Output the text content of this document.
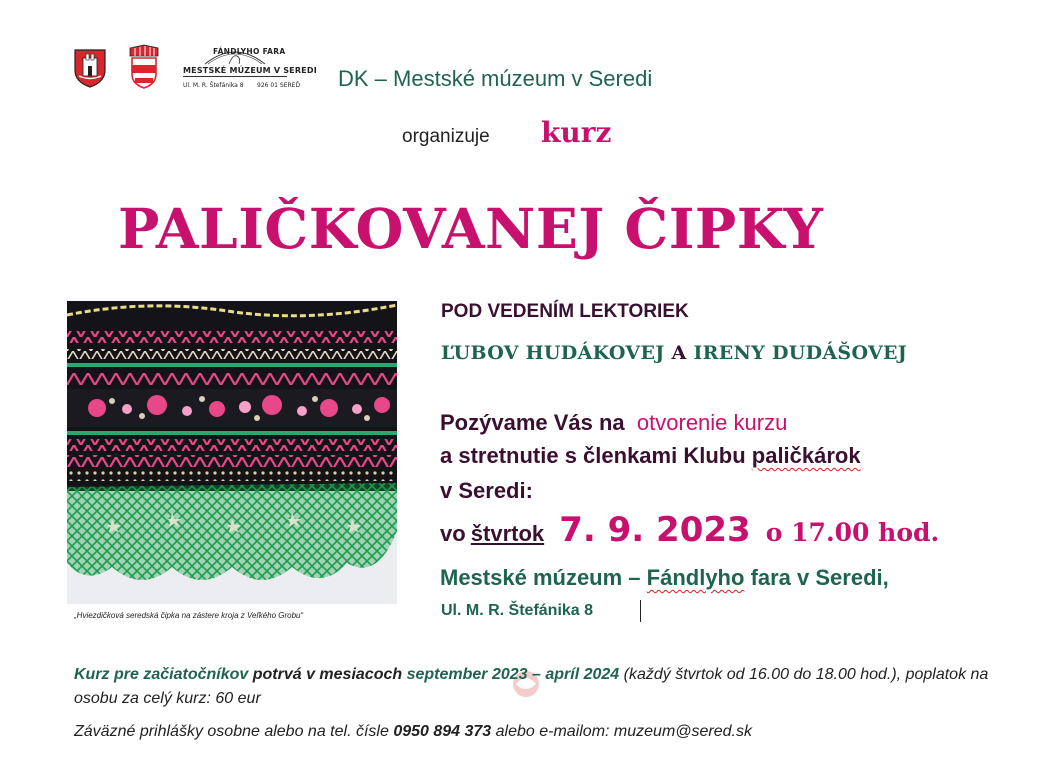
FÁNDLYHO FARA
MESTSKÉ MÚZEUM V SEREDI
Ul. M. R. Štefánika 8 926 01 SEREĎ DK – Mestské múzeum v Seredi
organizuje kurz
PALIČKOVANEJ ČIPKY
„Hviezdičková seredská čipka na zástere kroja z Veľkého Grobu“
POD VEDENÍM LEKTORIEK
ĽUBOV HUDÁKOVEJ A IRENY DUDÁŠOVEJ
Pozývame Vás na otvorenie kurzu
a stretnutie s členkami Klubu paličkárok
v Seredi:
vo štvrtok 7. 9. 2023 o 17.00 hod.
Mestské múzeum – Fándlyho fara v Seredi,
Ul. M. R. Štefánika 8
Kurz pre začiatočníkov potrvá v mesiacoch september 2023 – apríl 2024 (každý štvrtok od 16.00 do 18.00 hod.), poplatok na osobu za celý kurz: 60 eur
Záväzné prihlášky osobne alebo na tel. čísle 0950 894 373 alebo e-mailom: muzeum@sered.sk
